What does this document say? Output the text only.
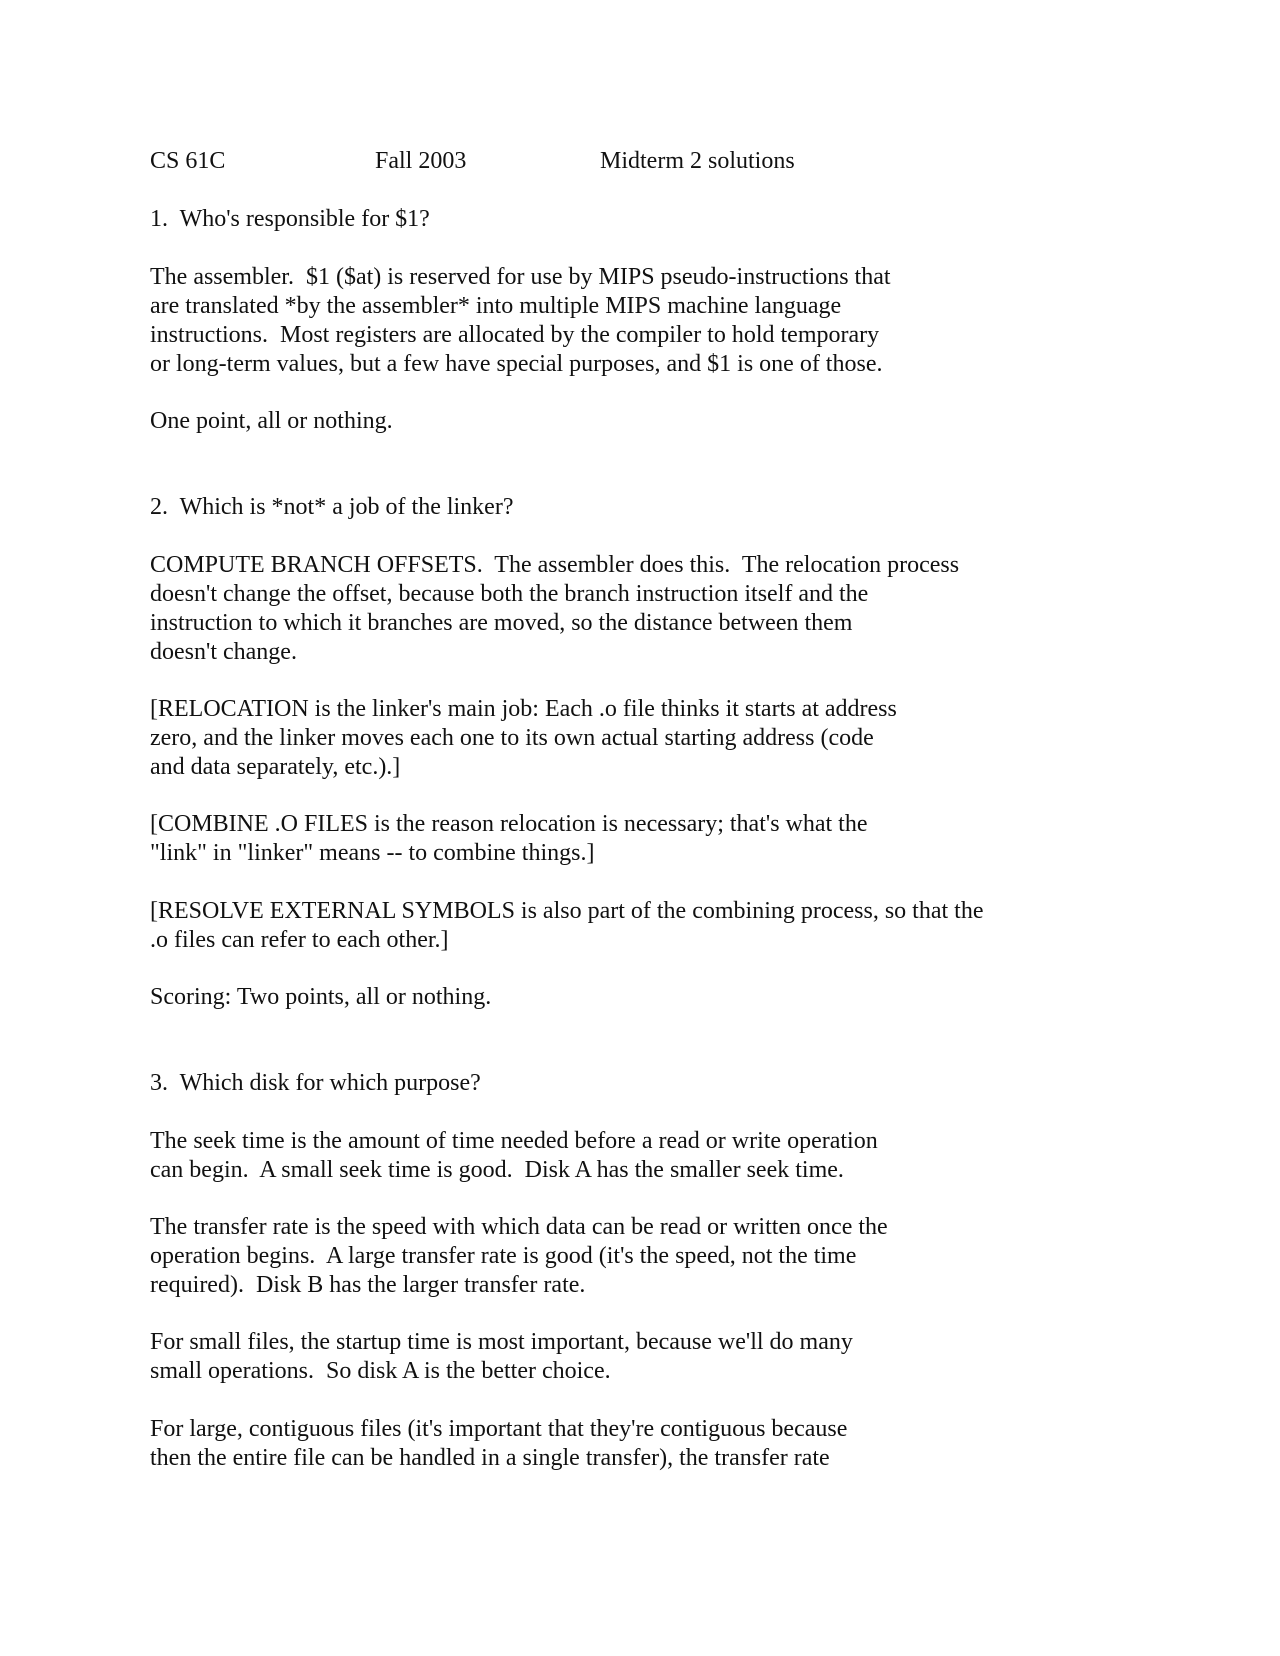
CS 61C

	Fall 2003

	Midterm 2 solutions

1.  Who's responsible for $1?

The assembler.  $1 ($at) is reserved for use by MIPS pseudo-instructions that

are translated *by the assembler* into multiple MIPS machine language

instructions.  Most registers are allocated by the compiler to hold temporary

or long-term values, but a few have special purposes, and $1 is one of those.

One point, all or nothing.

2.  Which is *not* a job of the linker?

COMPUTE BRANCH OFFSETS.  The assembler does this.  The relocation process

doesn't change the offset, because both the branch instruction itself and the

instruction to which it branches are moved, so the distance between them

doesn't change.

[RELOCATION is the linker's main job: Each .o file thinks it starts at address

zero, and the linker moves each one to its own actual starting address (code

and data separately, etc.).]

[COMBINE .O FILES is the reason relocation is necessary; that's what the

"link" in "linker" means -- to combine things.]

[RESOLVE EXTERNAL SYMBOLS is also part of the combining process, so that the

.o files can refer to each other.]

Scoring: Two points, all or nothing.

3.  Which disk for which purpose?

The seek time is the amount of time needed before a read or write operation

can begin.  A small seek time is good.  Disk A has the smaller seek time.

The transfer rate is the speed with which data can be read or written once the

operation begins.  A large transfer rate is good (it's the speed, not the time

required).  Disk B has the larger transfer rate.

For small files, the startup time is most important, because we'll do many

small operations.  So disk A is the better choice.

For large, contiguous files (it's important that they're contiguous because

then the entire file can be handled in a single transfer), the transfer rate
